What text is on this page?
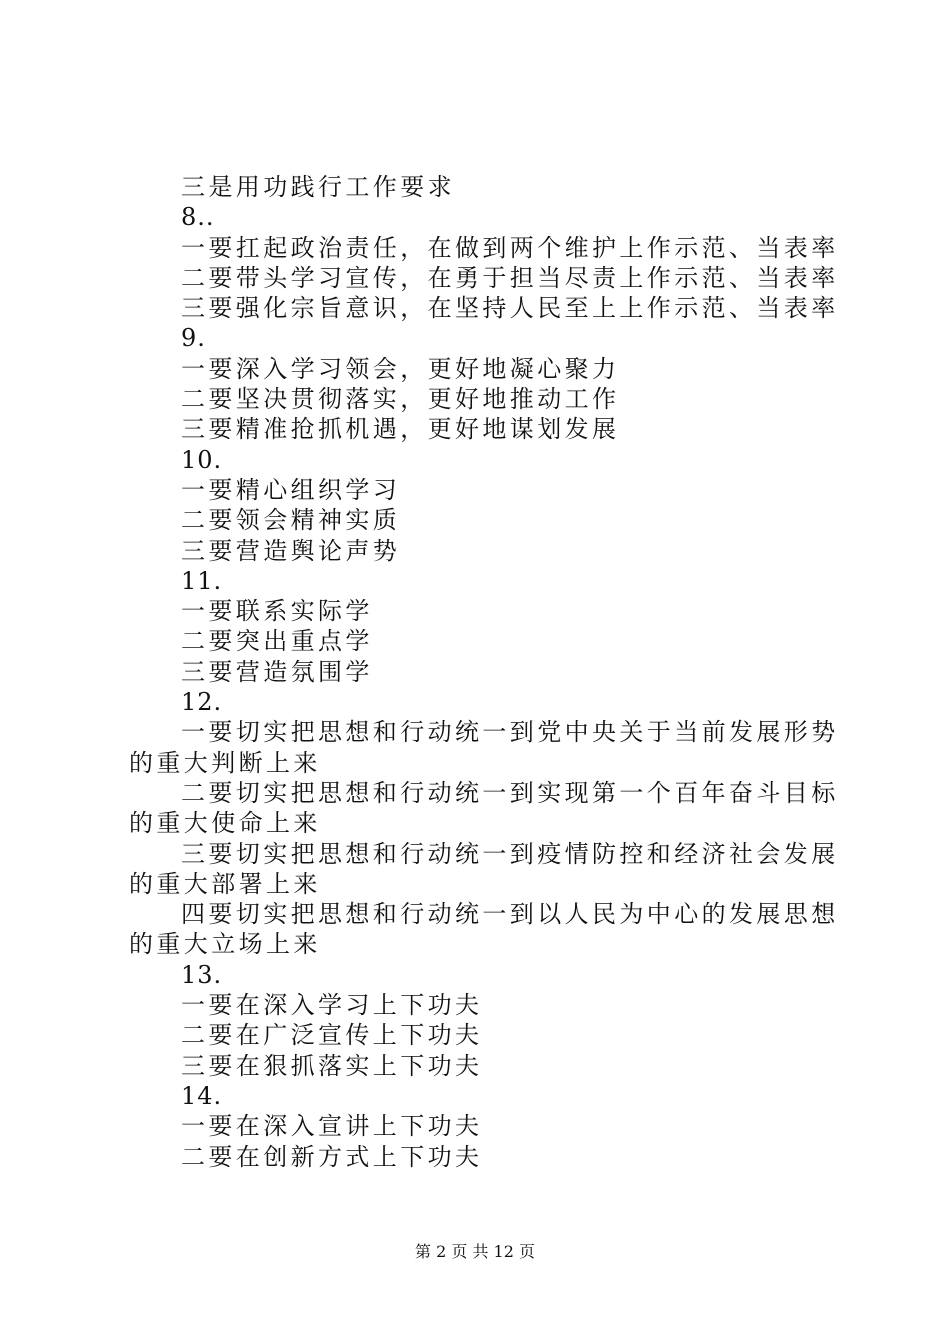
三是用功践行工作要求
8..
一要扛起政治责任，在做到两个维护上作示范、当表率
二要带头学习宣传，在勇于担当尽责上作示范、当表率
三要强化宗旨意识，在坚持人民至上上作示范、当表率
9.
一要深入学习领会，更好地凝心聚力
二要坚决贯彻落实，更好地推动工作
三要精准抢抓机遇，更好地谋划发展
10.
一要精心组织学习
二要领会精神实质
三要营造舆论声势
11.
一要联系实际学
二要突出重点学
三要营造氛围学
12.
一要切实把思想和行动统一到党中央关于当前发展形势的重大判断上来
二要切实把思想和行动统一到实现第一个百年奋斗目标的重大使命上来
三要切实把思想和行动统一到疫情防控和经济社会发展的重大部署上来
四要切实把思想和行动统一到以人民为中心的发展思想的重大立场上来
13.
一要在深入学习上下功夫
二要在广泛宣传上下功夫
三要在狠抓落实上下功夫
14.
一要在深入宣讲上下功夫
二要在创新方式上下功夫
第 2 页 共 12 页
